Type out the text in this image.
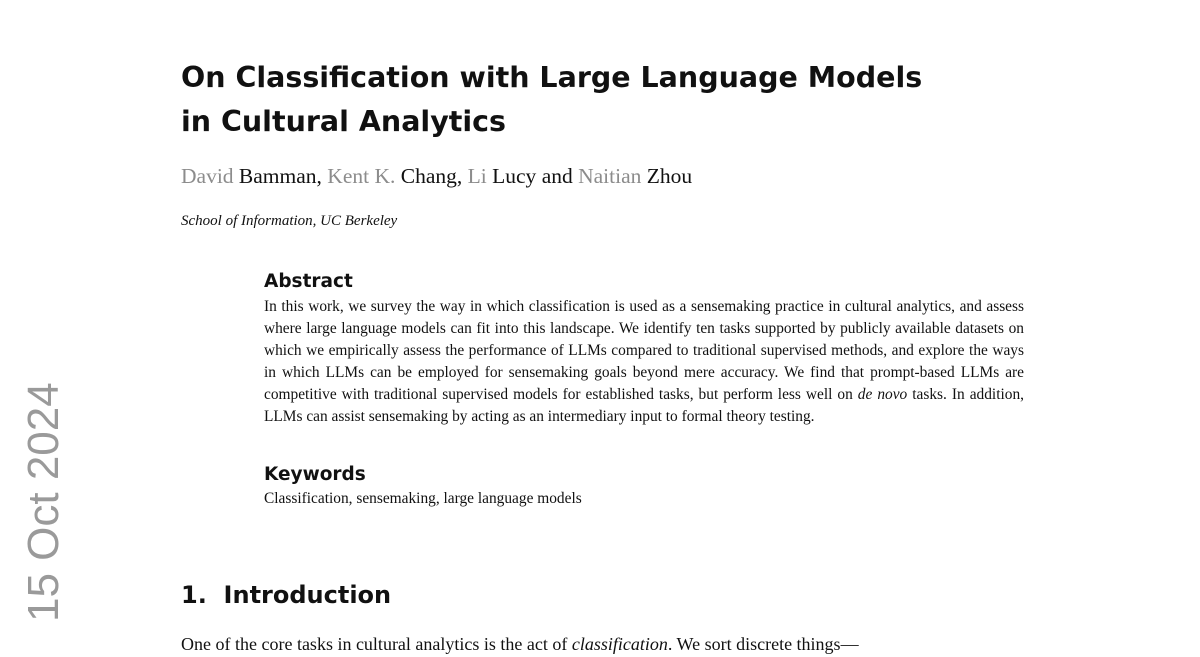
15 Oct 2024
On Classification with Large Language Models
in Cultural Analytics
David Bamman, Kent K. Chang, Li Lucy and Naitian Zhou
School of Information, UC Berkeley
Abstract

In this work, we survey the way in which classification is used as a sensemaking practice in cultural analytics, and assess where large language models can fit into this landscape. We identify ten tasks supported by publicly available datasets on which we empirically assess the performance of LLMs compared to traditional supervised methods, and explore the ways in which LLMs can be employed for sensemaking goals beyond mere accuracy. We find that prompt-based LLMs are competitive with traditional supervised models for established tasks, but perform less well on de novo tasks. In addition, LLMs can assist sensemaking by acting as an intermediary input to formal theory testing.

Keywords

Classification, sensemaking, large language models

1. Introduction

One of the core tasks in cultural analytics is the act of classification. We sort discrete things—
